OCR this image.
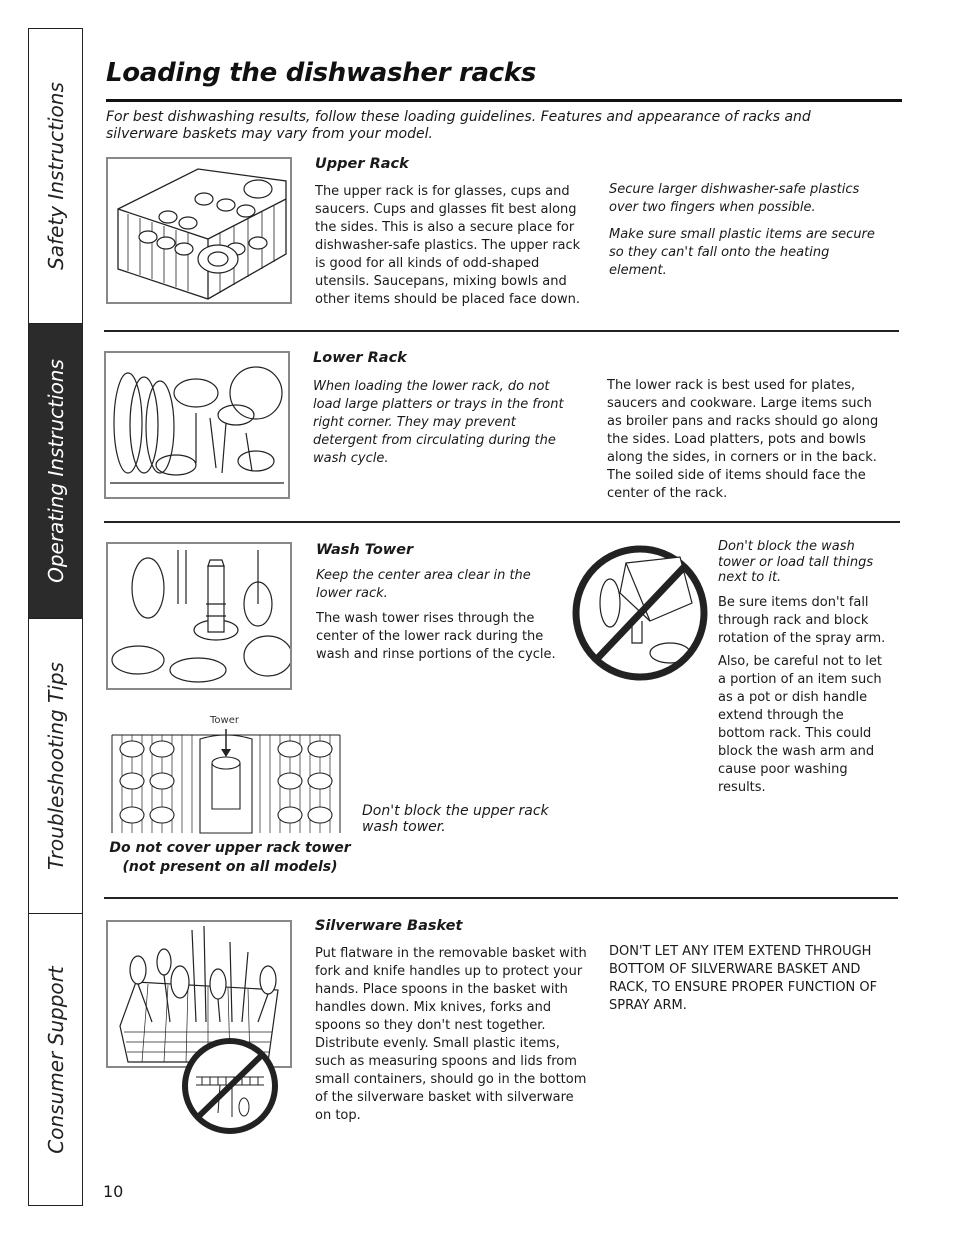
Safety Instructions
Operating Instructions
Troubleshooting Tips
Consumer Support
Loading the dishwasher racks

For best dishwashing results, follow these loading guidelines. Features and appearance of racks and silverware baskets may vary from your model.

Upper Rack

The upper rack is for glasses, cups and saucers. Cups and glasses fit best along the sides. This is also a secure place for dishwasher-safe plastics. The upper rack is good for all kinds of odd-shaped utensils. Saucepans, mixing bowls and other items should be placed face down.

Secure larger dishwasher-safe plastics over two fingers when possible.

Make sure small plastic items are secure so they can't fall onto the heating element.

Lower Rack

When loading the lower rack, do not load large platters or trays in the front right corner. They may prevent detergent from circulating during the wash cycle.

The lower rack is best used for plates, saucers and cookware. Large items such as broiler pans and racks should go along the sides. Load platters, pots and bowls along the sides, in corners or in the back. The soiled side of items should face the center of the rack.

Wash Tower

Keep the center area clear in the lower rack.

The wash tower rises through the center of the lower rack during the wash and rinse portions of the cycle.

Don't block the wash tower or load tall things next to it.

Be sure items don't fall through rack and block rotation of the spray arm.

Also, be careful not to let a portion of an item such as a pot or dish handle extend through the bottom rack. This could block the wash arm and cause poor washing results.

Tower

Don't block the upper rack wash tower.

Do not cover upper rack tower
(not present on all models)
Silverware Basket

Put flatware in the removable basket with fork and knife handles up to protect your hands. Place spoons in the basket with handles down. Mix knives, forks and spoons so they don't nest together. Distribute evenly. Small plastic items, such as measuring spoons and lids from small containers, should go in the bottom of the silverware basket with silverware on top.

DON'T LET ANY ITEM EXTEND THROUGH BOTTOM OF SILVERWARE BASKET AND RACK, TO ENSURE PROPER FUNCTION OF SPRAY ARM.

10
